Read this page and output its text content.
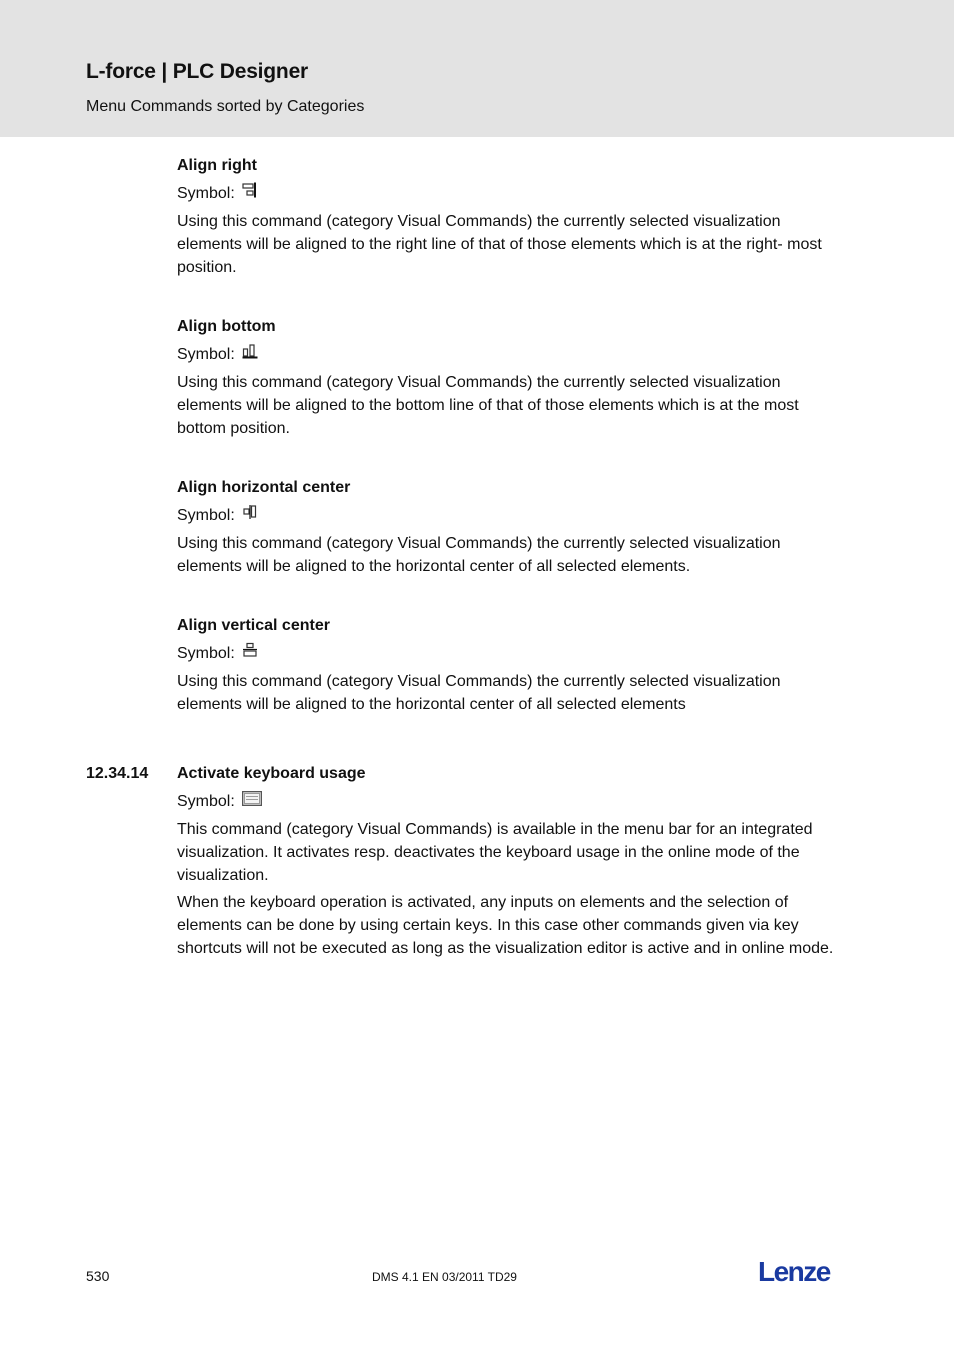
L-force | PLC Designer
Menu Commands sorted by Categories
Align right
Symbol:
Using this command (category Visual Commands) the currently selected visualization elements will be aligned to the right line of that of those elements which is at the right- most position.
Align bottom
Symbol:
Using this command (category Visual Commands) the currently selected visualization elements will be aligned to the bottom line of that of those elements which is at the most bottom position.
Align horizontal center
Symbol:
Using this command (category Visual Commands) the currently selected visualization elements will be aligned to the horizontal center of all selected elements.
Align vertical center
Symbol:
Using this command (category Visual Commands) the currently selected visualization elements will be aligned to the horizontal center of all selected elements
12.34.14 Activate keyboard usage
Symbol:
This command (category Visual Commands) is available in the menu bar for an integrated visualization. It activates resp. deactivates the keyboard usage in the online mode of the visualization.
When the keyboard operation is activated, any inputs on elements and the selection of elements can be done by using certain keys. In this case other commands given via key shortcuts will not be executed as long as the visualization editor is active and in online mode.
530	DMS 4.1 EN 03/2011 TD29	Lenze
